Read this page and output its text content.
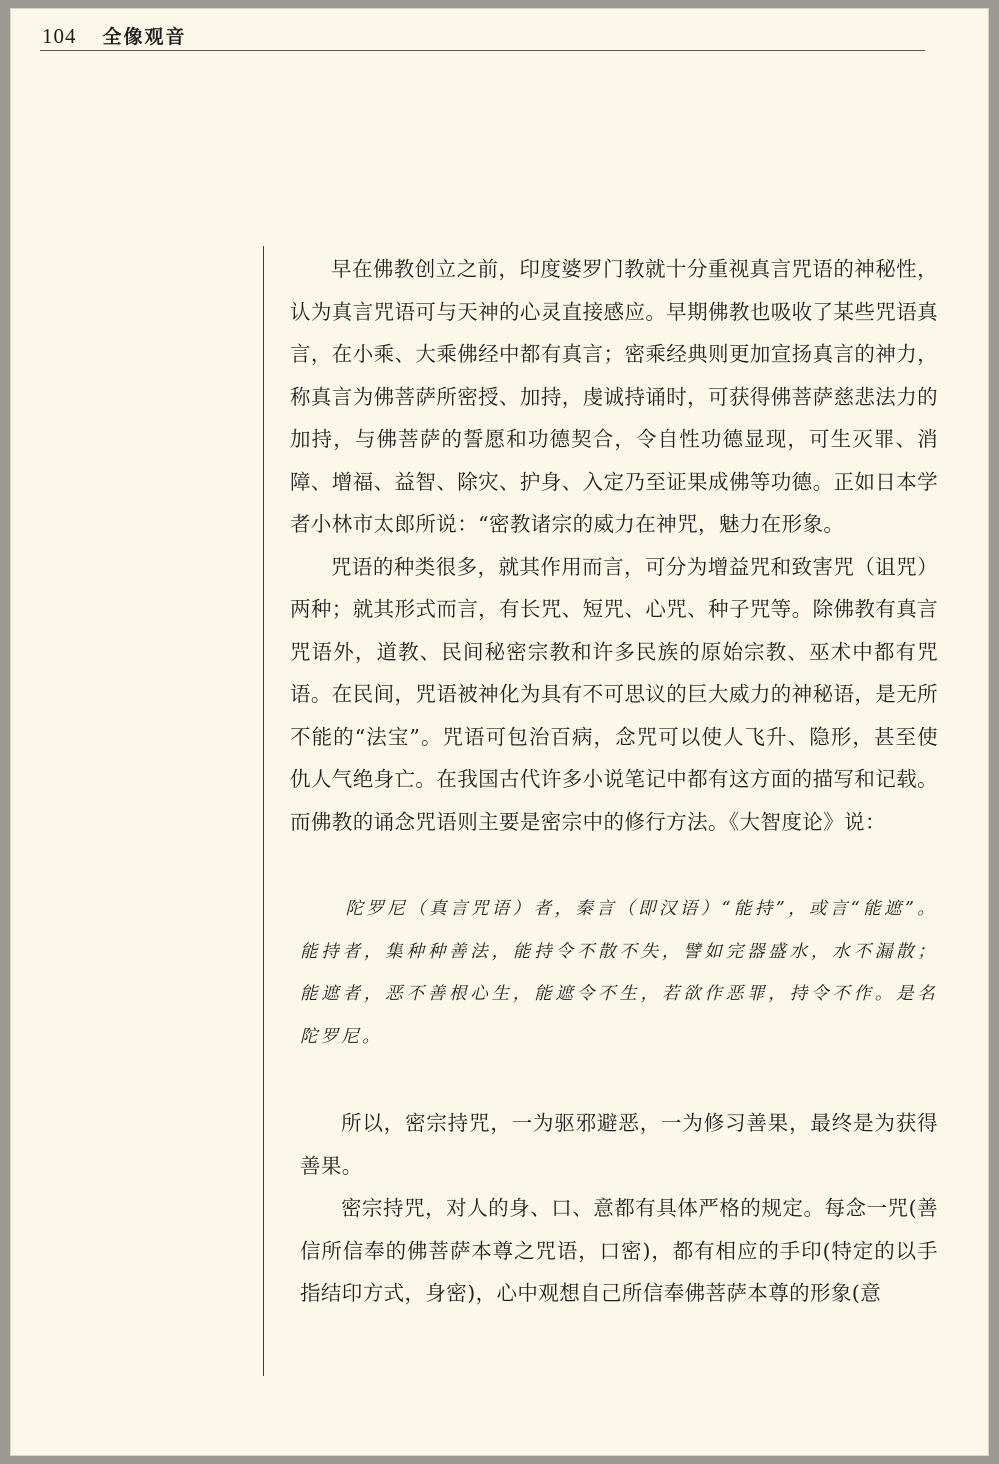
104 全像观音

早在佛教创立之前，印度婆罗门教就十分重视真言咒语的神秘性，认为真言咒语可与天神的心灵直接感应。早期佛教也吸收了某些咒语真言，在小乘、大乘佛经中都有真言；密乘经典则更加宣扬真言的神力，称真言为佛菩萨所密授、加持，虔诚持诵时，可获得佛菩萨慈悲法力的加持，与佛菩萨的誓愿和功德契合，令自性功德显现，可生灭罪、消障、增福、益智、除灾、护身、入定乃至证果成佛等功德。正如日本学者小林市太郎所说：“密教诸宗的威力在神咒，魅力在形象。

咒语的种类很多，就其作用而言，可分为增益咒和致害咒（诅咒）两种；就其形式而言，有长咒、短咒、心咒、种子咒等。除佛教有真言咒语外，道教、民间秘密宗教和许多民族的原始宗教、巫术中都有咒语。在民间，咒语被神化为具有不可思议的巨大威力的神秘语，是无所不能的“法宝”。咒语可包治百病，念咒可以使人飞升、隐形，甚至使仇人气绝身亡。在我国古代许多小说笔记中都有这方面的描写和记载。而佛教的诵念咒语则主要是密宗中的修行方法。《大智度论》说：

陀罗尼（真言咒语）者，秦言（即汉语）“能持”，或言“能遮”。能持者，集种种善法，能持令不散不失，譬如完器盛水，水不漏散；能遮者，恶不善根心生，能遮令不生，若欲作恶罪，持令不作。是名陀罗尼。

所以，密宗持咒，一为驱邪避恶，一为修习善果，最终是为获得善果。

密宗持咒，对人的身、口、意都有具体严格的规定。每念一咒(善信所信奉的佛菩萨本尊之咒语，口密)，都有相应的手印(特定的以手指结印方式，身密)，心中观想自己所信奉佛菩萨本尊的形象(意
